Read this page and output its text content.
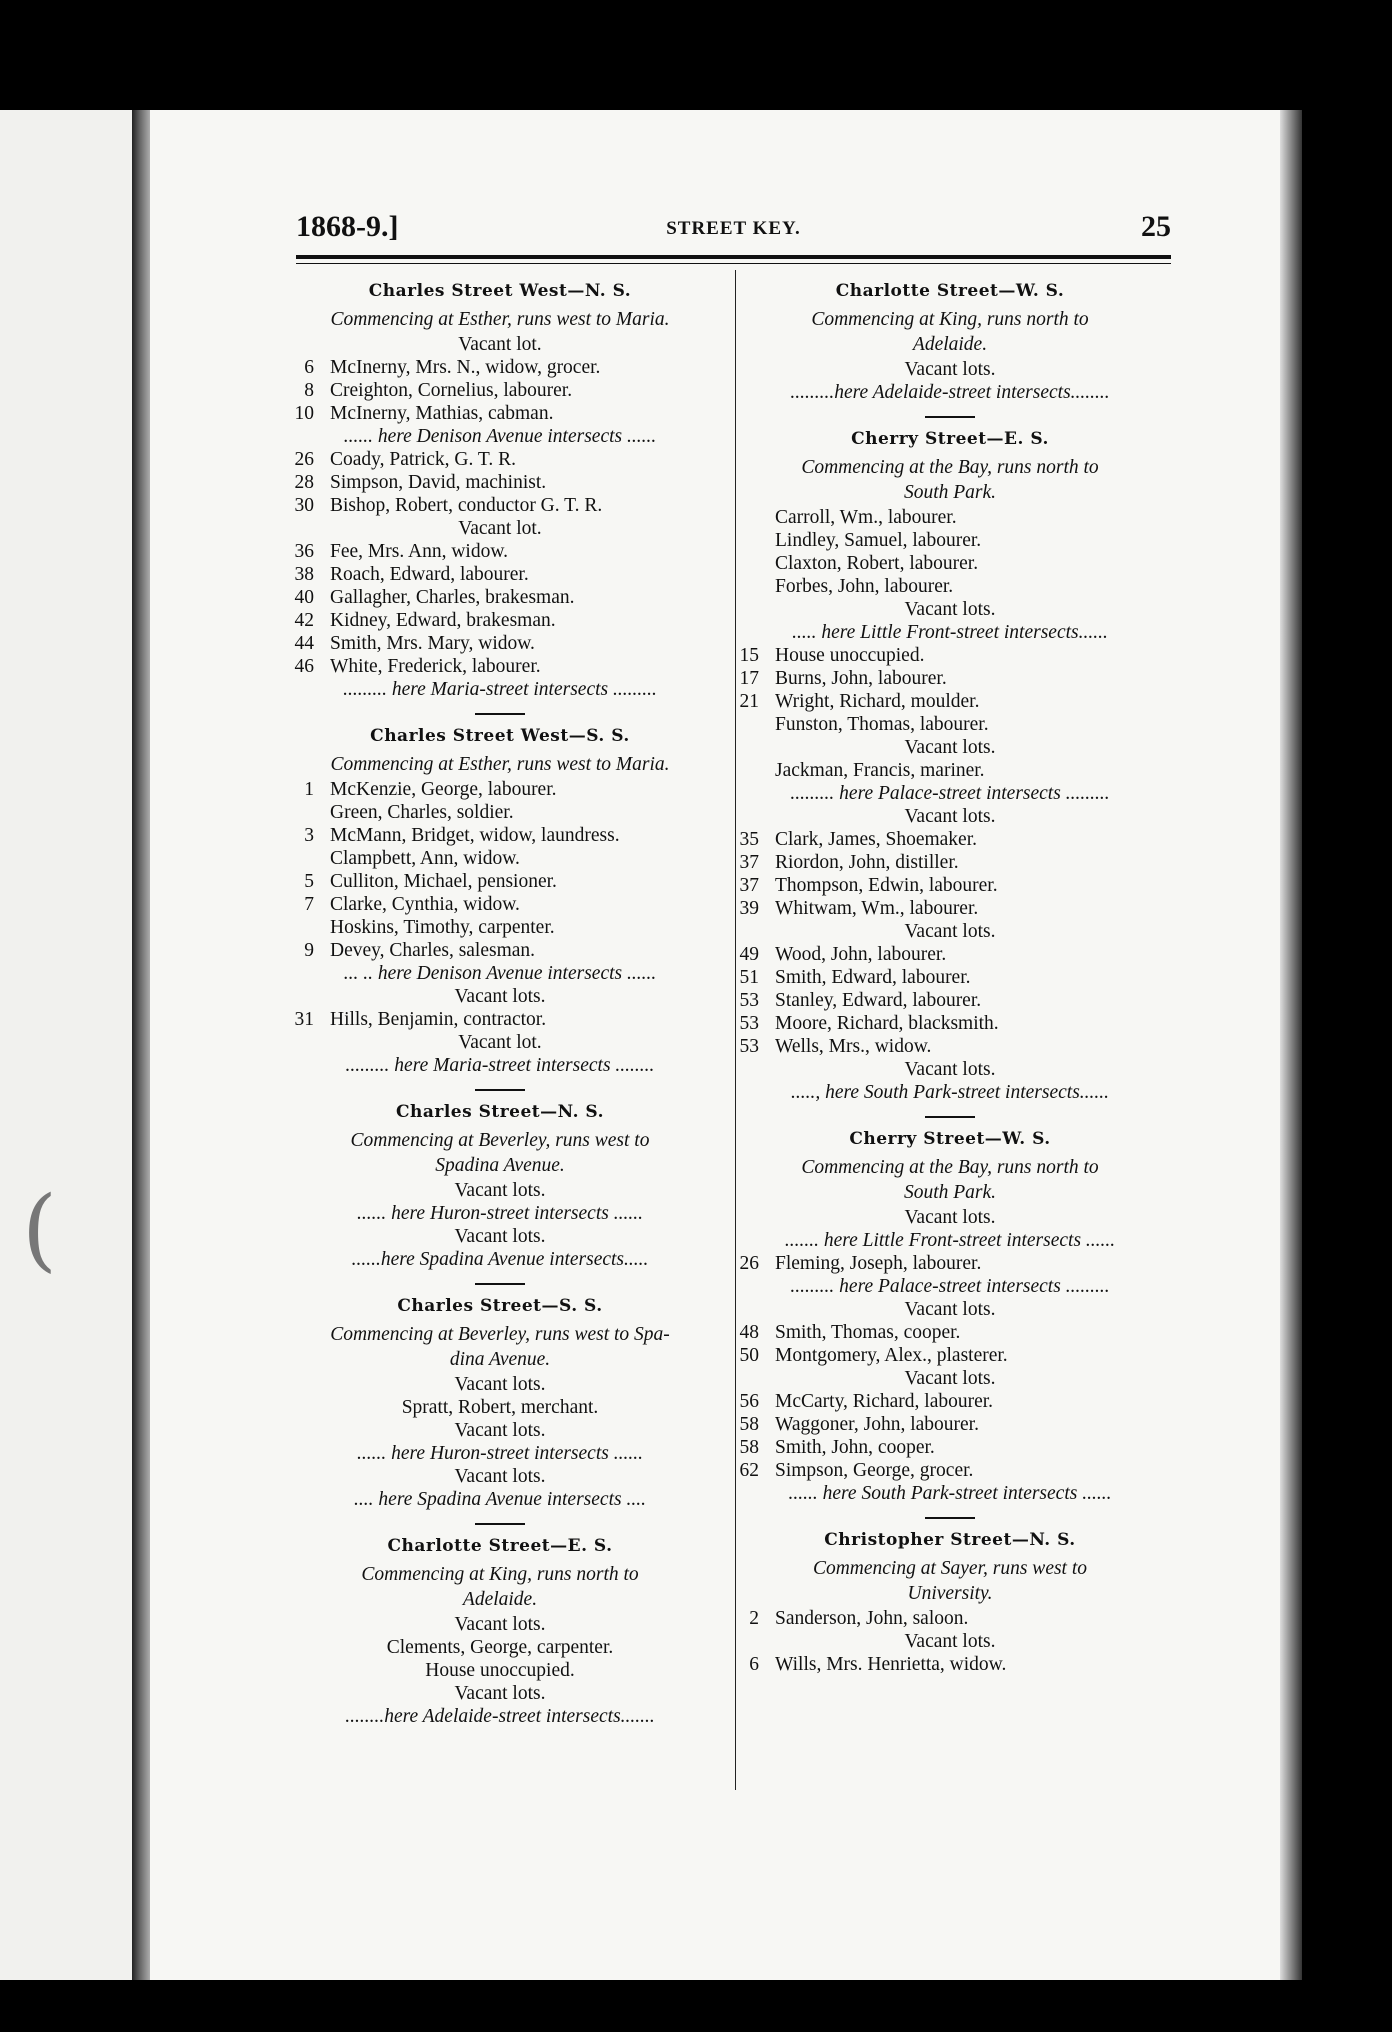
(
1868-9.]	STREET KEY.	25
Charles Street West—N. S.
Commencing at Esther, runs west to Maria.
Vacant lot.
6 McInerny, Mrs. N., widow, grocer.
8 Creighton, Cornelius, labourer.
10 McInerny, Mathias, cabman.
...... here Denison Avenue intersects ......
26 Coady, Patrick, G. T. R.
28 Simpson, David, machinist.
30 Bishop, Robert, conductor G. T. R.
Vacant lot.
36 Fee, Mrs. Ann, widow.
38 Roach, Edward, labourer.
40 Gallagher, Charles, brakesman.
42 Kidney, Edward, brakesman.
44 Smith, Mrs. Mary, widow.
46 White, Frederick, labourer.
......... here Maria-street intersects .........
Charles Street West—S. S.
Commencing at Esther, runs west to Maria.
1 McKenzie, George, labourer.
Green, Charles, soldier.
3 McMann, Bridget, widow, laundress.
Clampbett, Ann, widow.
5 Culliton, Michael, pensioner.
7 Clarke, Cynthia, widow.
Hoskins, Timothy, carpenter.
9 Devey, Charles, salesman.
... .. here Denison Avenue intersects ......
Vacant lots.
31 Hills, Benjamin, contractor.
Vacant lot.
......... here Maria-street intersects ........
Charles Street—N. S.
Commencing at Beverley, runs west to
Spadina Avenue.
Vacant lots.
...... here Huron-street intersects ......
Vacant lots.
......here Spadina Avenue intersects.....
Charles Street—S. S.
Commencing at Beverley, runs west to Spa-
dina Avenue.
Vacant lots.
Spratt, Robert, merchant.
Vacant lots.
...... here Huron-street intersects ......
Vacant lots.
.... here Spadina Avenue intersects ....
Charlotte Street—E. S.
Commencing at King, runs north to
Adelaide.
Vacant lots.
Clements, George, carpenter.
House unoccupied.
Vacant lots.
........here Adelaide-street intersects.......
Charlotte Street—W. S.
Commencing at King, runs north to
Adelaide.
Vacant lots.
.........here Adelaide-street intersects........
Cherry Street—E. S.
Commencing at the Bay, runs north to
South Park.
Carroll, Wm., labourer.
Lindley, Samuel, labourer.
Claxton, Robert, labourer.
Forbes, John, labourer.
Vacant lots.
..... here Little Front-street intersects......
15 House unoccupied.
17 Burns, John, labourer.
21 Wright, Richard, moulder.
Funston, Thomas, labourer.
Vacant lots.
Jackman, Francis, mariner.
......... here Palace-street intersects .........
Vacant lots.
35 Clark, James, Shoemaker.
37 Riordon, John, distiller.
37 Thompson, Edwin, labourer.
39 Whitwam, Wm., labourer.
Vacant lots.
49 Wood, John, labourer.
51 Smith, Edward, labourer.
53 Stanley, Edward, labourer.
53 Moore, Richard, blacksmith.
53 Wells, Mrs., widow.
Vacant lots.
....., here South Park-street intersects......
Cherry Street—W. S.
Commencing at the Bay, runs north to
South Park.
Vacant lots.
....... here Little Front-street intersects ......
26 Fleming, Joseph, labourer.
......... here Palace-street intersects .........
Vacant lots.
48 Smith, Thomas, cooper.
50 Montgomery, Alex., plasterer.
Vacant lots.
56 McCarty, Richard, labourer.
58 Waggoner, John, labourer.
58 Smith, John, cooper.
62 Simpson, George, grocer.
...... here South Park-street intersects ......
Christopher Street—N. S.
Commencing at Sayer, runs west to
University.
2 Sanderson, John, saloon.
Vacant lots.
6 Wills, Mrs. Henrietta, widow.
